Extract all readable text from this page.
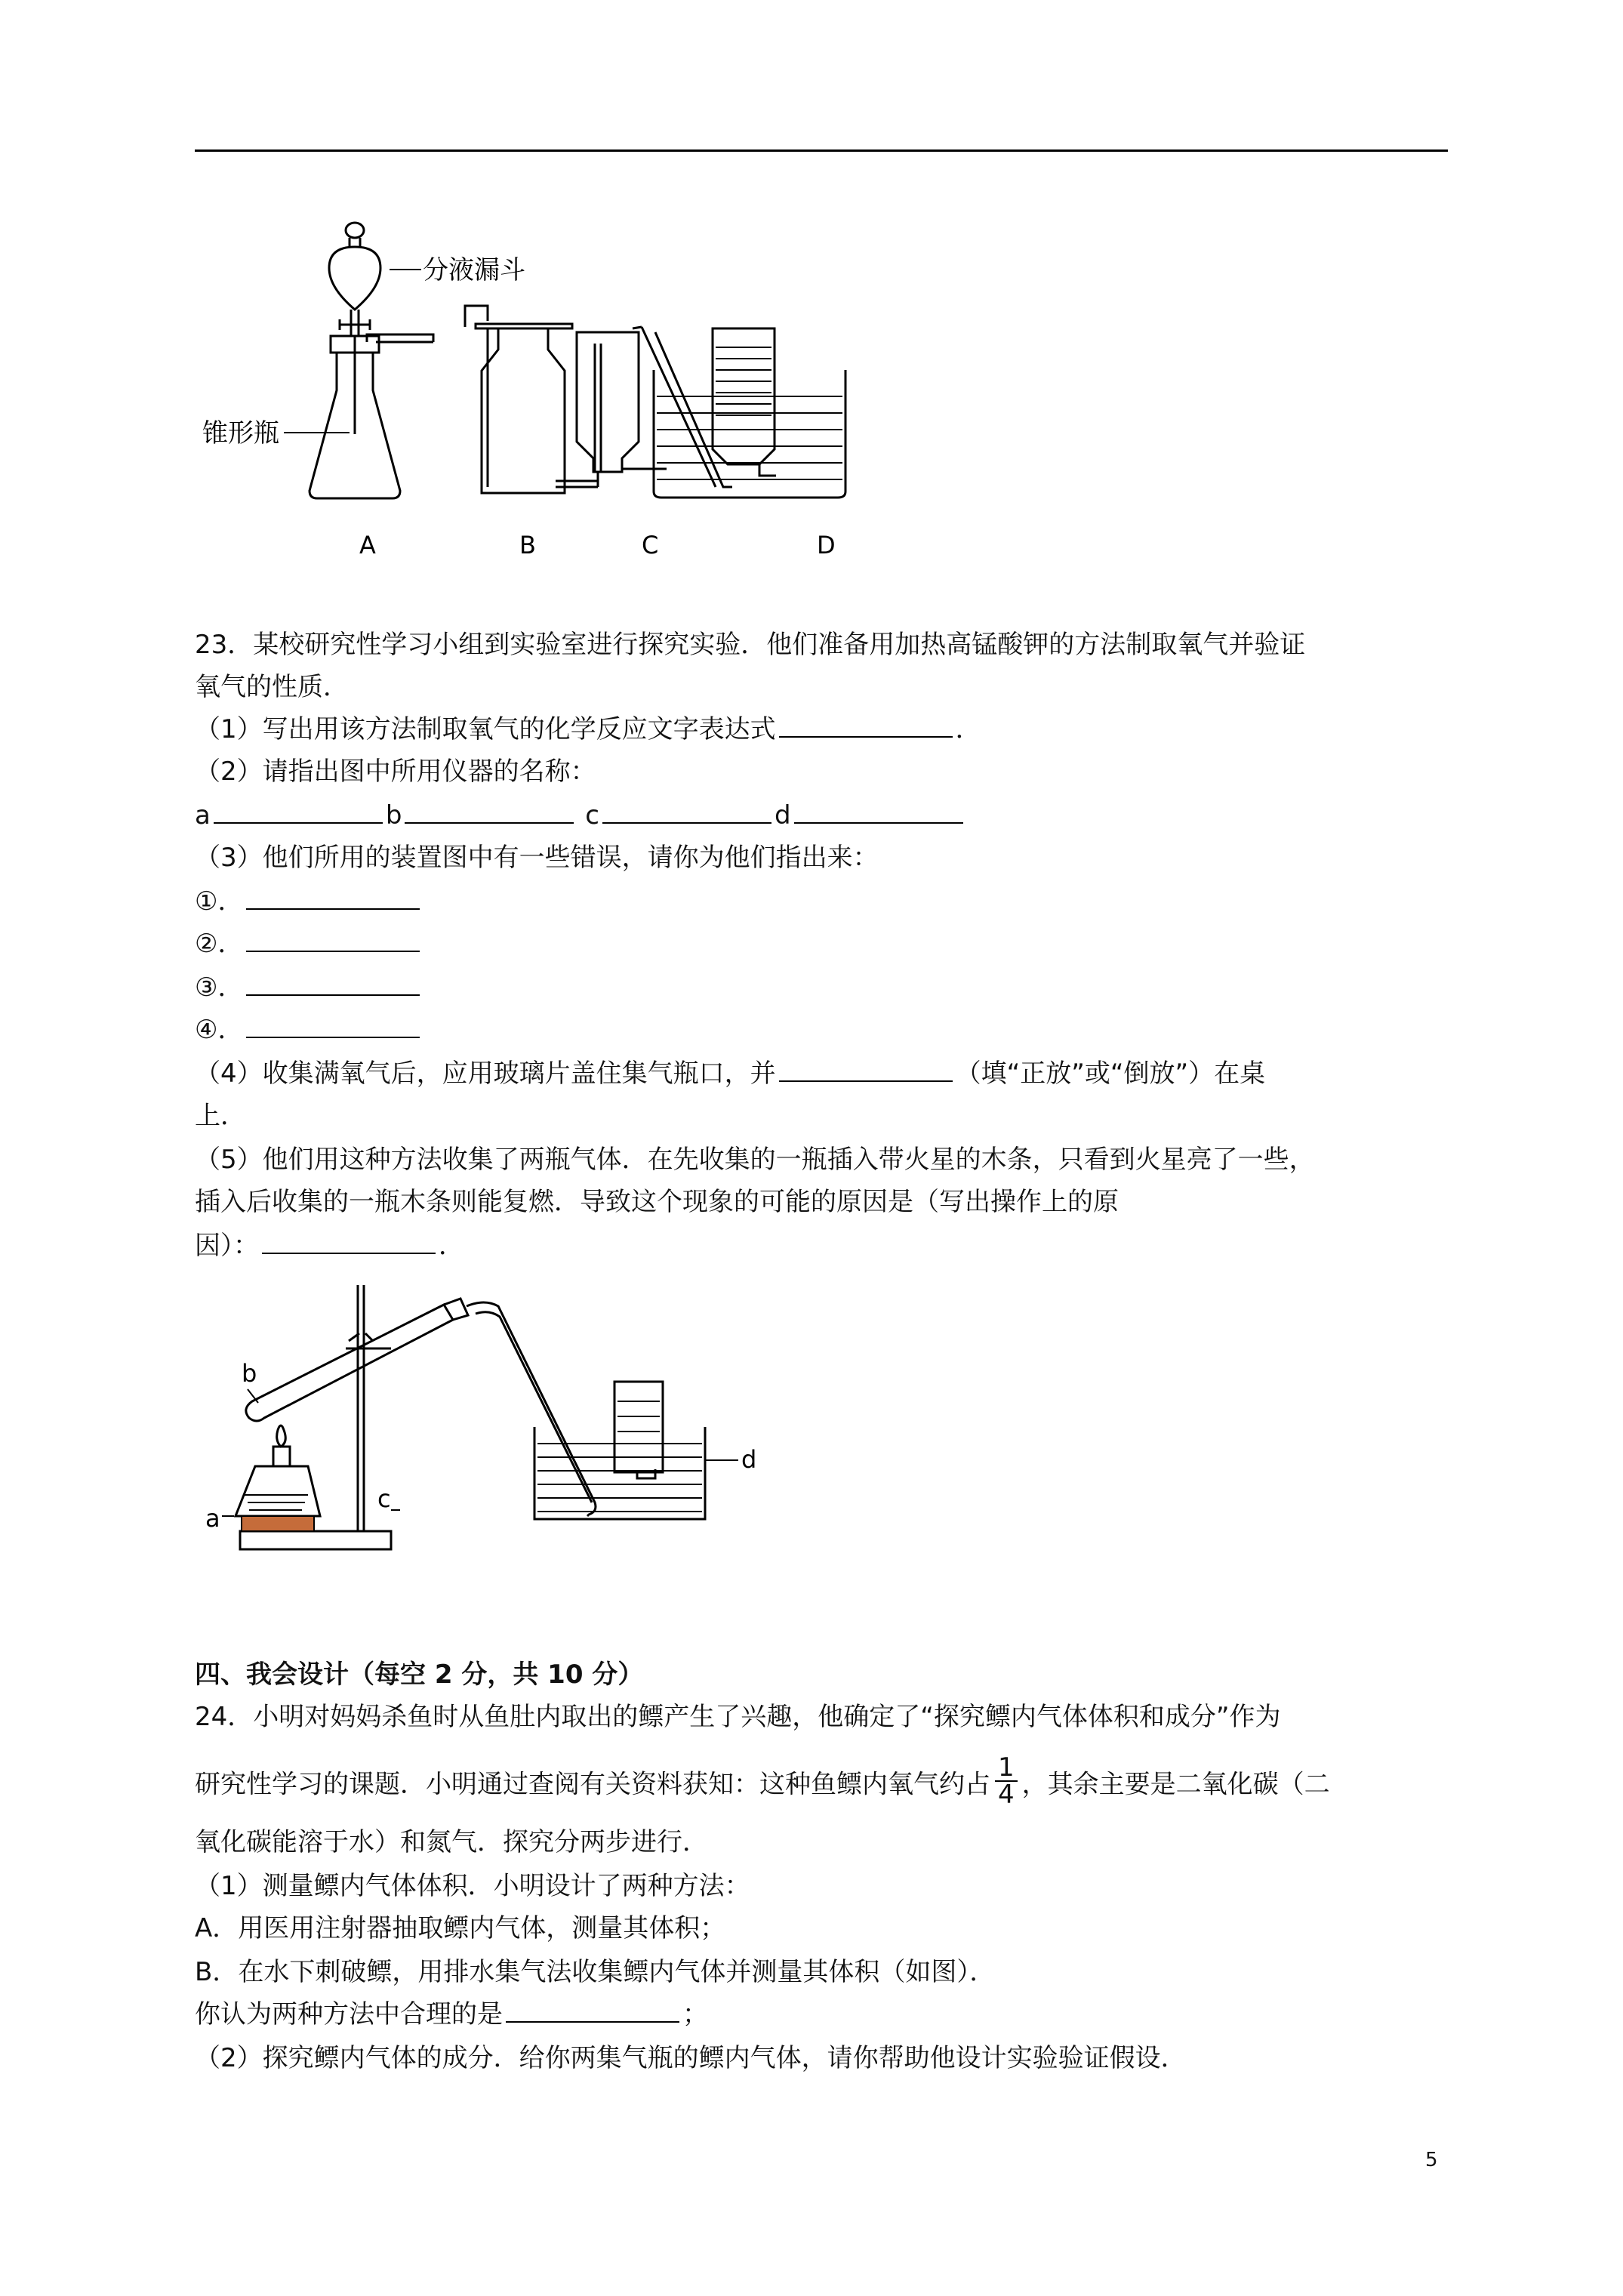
分液漏斗
锥形瓶
A	B	C	D
23．某校研究性学习小组到实验室进行探究实验．他们准备用加热高锰酸钾的方法制取氧气并验证
氧气的性质．
（1）写出用该方法制取氧气的化学反应文字表达式	．
（2）请指出图中所用仪器的名称：
a	b	c	d
（3）他们所用的装置图中有一些错误，请你为他们指出来：
①．
②．
③．
④．
（4）收集满氧气后，应用玻璃片盖住集气瓶口，并	（填“正放”或“倒放”）在桌
上．
（5）他们用这种方法收集了两瓶气体．在先收集的一瓶插入带火星的木条，只看到火星亮了一些，
插入后收集的一瓶木条则能复燃．导致这个现象的可能的原因是（写出操作上的原
因）：	．
a
b
c
d
四、我会设计（每空 2 分，共 10 分）
24．小明对妈妈杀鱼时从鱼肚内取出的鳔产生了兴趣，他确定了“探究鳔内气体体积和成分”作为
研究性学习的课题．小明通过查阅有关资料获知：这种鱼鳔内氧气约占 $\frac{1}{4}$ ，其余主要是二氧化碳（二
氧化碳能溶于水）和氮气．探究分两步进行．
（1）测量鳔内气体体积．小明设计了两种方法：
A．用医用注射器抽取鳔内气体，测量其体积；
B．在水下刺破鳔，用排水集气法收集鳔内气体并测量其体积（如图）．
你认为两种方法中合理的是	；
（2）探究鳔内气体的成分．给你两集气瓶的鳔内气体，请你帮助他设计实验验证假设．
5
